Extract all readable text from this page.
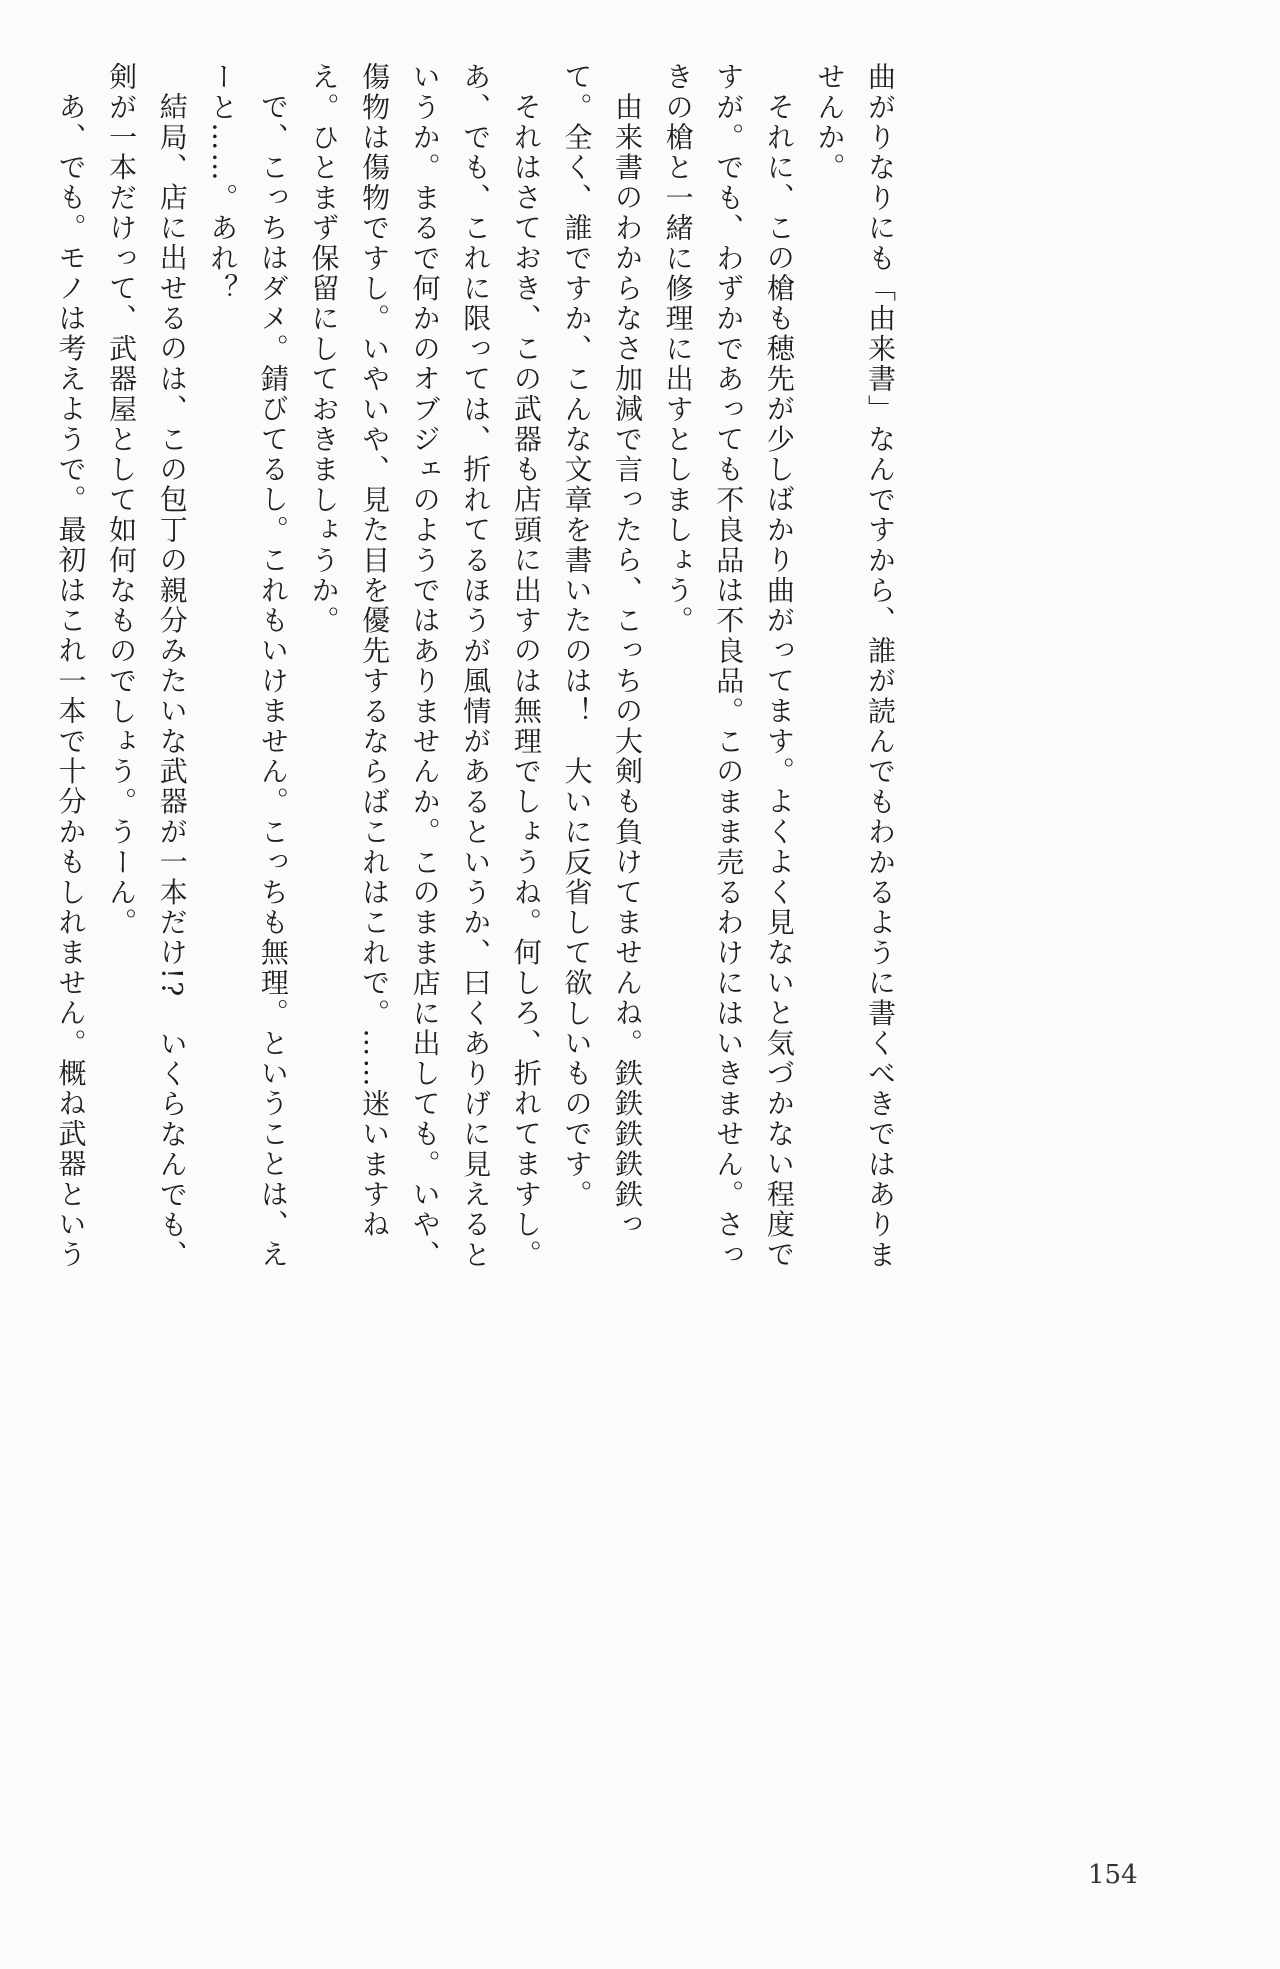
曲がりなりにも「由来書」なんですから、誰が読んでもわかるように書くべきではありま
せんか。
それに、この槍も穂先が少しばかり曲がってます。よくよく見ないと気づかない程度で
すが。でも、わずかであっても不良品は不良品。このまま売るわけにはいきません。さっ
きの槍と一緒に修理に出すとしましょう。
由来書のわからなさ加減で言ったら、こっちの大剣も負けてませんね。鉄鉄鉄鉄鉄っ
て。全く、誰ですか、こんな文章を書いたのは！　大いに反省して欲しいものです。
それはさておき、この武器も店頭に出すのは無理でしょうね。何しろ、折れてますし。
あ、でも、これに限っては、折れてるほうが風情があるというか、曰くありげに見えると
いうか。まるで何かのオブジェのようではありませんか。このまま店に出しても。いや、
傷物は傷物ですし。いやいや、見た目を優先するならばこれはこれで。……迷いますね
え。ひとまず保留にしておきましょうか。
で、こっちはダメ。錆びてるし。これもいけません。こっちも無理。ということは、え
ーと……。あれ？
結局、店に出せるのは、この包丁の親分みたいな武器が一本だけ!?　いくらなんでも、
剣が一本だけって、武器屋として如何なものでしょう。うーん。
あ、でも。モノは考えようで。最初はこれ一本で十分かもしれません。概ね武器という
154
